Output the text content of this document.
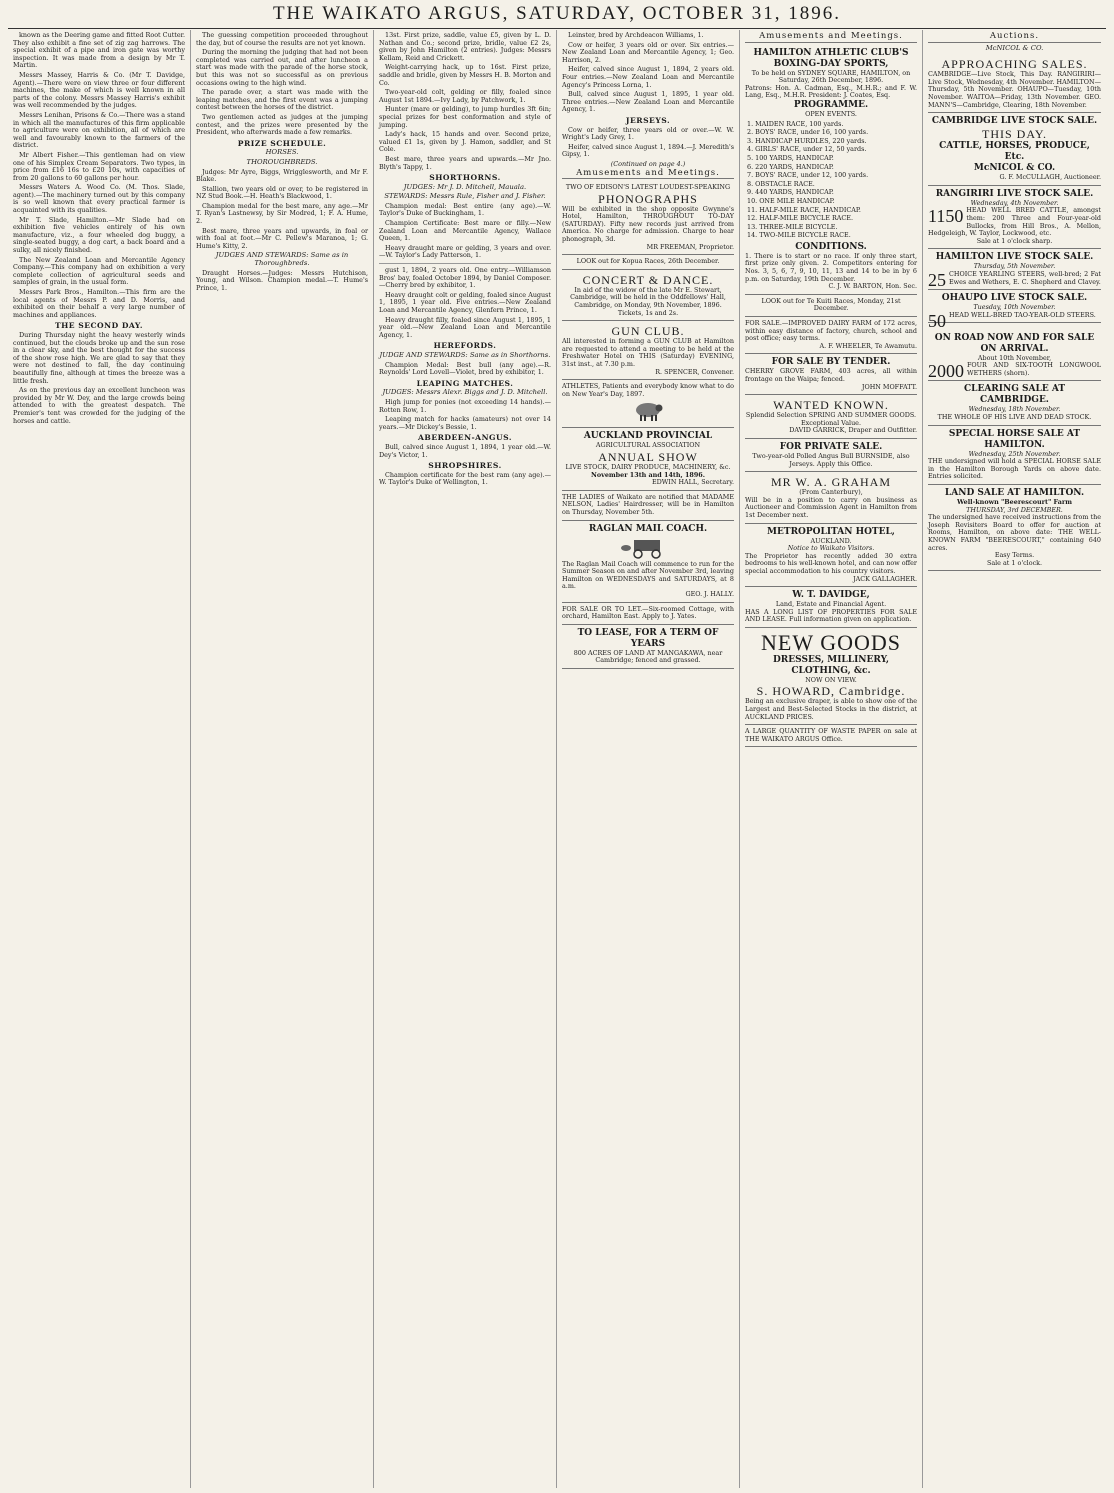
THE WAIKATO ARGUS, SATURDAY, OCTOBER 31, 1896.

known as the Deering game and fitted Root Cutter. They also exhibit a fine set of zig zag harrows. The special exhibit of a pipe and iron gate was worthy inspection. It was made from a design by Mr T. Martin.

Messrs Massey, Harris & Co. (Mr T. Davidge, Agent).—There were on view three or four different machines, the make of which is well known in all parts of the colony. Messrs Massey Harris's exhibit was well recommended by the judges.

Messrs Lenihan, Prisons & Co.—There was a stand in which all the manufactures of this firm applicable to agriculture were on exhibition, all of which are well and favourably known to the farmers of the district.

Mr Albert Fisher.—This gentleman had on view one of his Simplex Cream Separators. Two types, in price from £16 16s to £20 10s, with capacities of from 20 gallons to 60 gallons per hour.

Messrs Waters A. Wood Co. (M. Thos. Slade, agent).—The machinery turned out by this company is so well known that every practical farmer is acquainted with its qualities.

Mr T. Slade, Hamilton.—Mr Slade had on exhibition five vehicles entirely of his own manufacture, viz., a four wheeled dog buggy, a single-seated buggy, a dog cart, a back board and a sulky, all nicely finished.

The New Zealand Loan and Mercantile Agency Company.—This company had on exhibition a very complete collection of agricultural seeds and samples of grain, in the usual form.

Messrs Park Bros., Hamilton.—This firm are the local agents of Messrs P. and D. Morris, and exhibited on their behalf a very large number of machines and appliances.

THE SECOND DAY.

During Thursday night the heavy westerly winds continued, but the clouds broke up and the sun rose in a clear sky, and the best thought for the success of the show rose high. We are glad to say that they were not destined to fall, the day continuing beautifully fine, although at times the breeze was a little fresh.

As on the previous day an excellent luncheon was provided by Mr W. Dey, and the large crowds being attended to with the greatest despatch. The Premier's tent was crowded for the judging of the horses and cattle.

The guessing competition proceeded throughout the day, but of course the results are not yet known.

During the morning the judging that had not been completed was carried out, and after luncheon a start was made with the parade of the horse stock, but this was not so successful as on previous occasions owing to the high wind.

The parade over, a start was made with the leaping matches, and the first event was a jumping contest between the horses of the district.

Two gentlemen acted as judges at the jumping contest, and the prizes were presented by the President, who afterwards made a few remarks.

PRIZE SCHEDULE.
HORSES.
THOROUGHBREDS.

Judges: Mr Ayre, Biggs, Wrigglesworth, and Mr F. Blake.

Stallion, two years old or over, to be registered in NZ Stud Book.—H. Heath's Blackwood, 1.

Champion medal for the best mare, any age.—Mr T. Ryan's Lastnewsy, by Sir Modred, 1; F. A. Hume, 2.

Best mare, three years and upwards, in foal or with foal at foot.—Mr C. Pellew's Maranoa, 1; G. Hume's Kitty, 2.

JUDGES AND STEWARDS: Same as in Thoroughbreds.

Draught Horses.—Judges: Messrs Hutchison, Young, and Wilson. Champion medal.—T. Hume's Prince, 1.

13st. First prize, saddle, value £5, given by L. D. Nathan and Co.; second prize, bridle, value £2 2s, given by John Hamilton (2 entries). Judges: Messrs Kellam, Reid and Crickett.

Weight-carrying hack, up to 16st. First prize, saddle and bridle, given by Messrs H. B. Morton and Co.

Two-year-old colt, gelding or filly, foaled since August 1st 1894.—Ivy Lady, by Patchwork, 1.

Hunter (mare or gelding), to jump hurdles 3ft 6in; special prizes for best conformation and style of jumping.

Lady's hack, 15 hands and over. Second prize, valued £1 1s, given by J. Hamon, saddler, and St Cole.

Best mare, three years and upwards.—Mr Jno. Blyth's Tappy, 1.

SHORTHORNS.
JUDGES: Mr J. D. Mitchell, Mauala.
STEWARDS: Messrs Rule, Fisher and J. Fisher.

Champion medal: Best entire (any age).—W. Taylor's Duke of Buckingham, 1.

Champion Certificate: Best mare or filly.—New Zealand Loan and Mercantile Agency, Wallace Queen, 1.

Heavy draught mare or gelding, 3 years and over.—W. Taylor's Lady Patterson, 1.

gust 1, 1894, 2 years old. One entry.—Williamson Bros' bay, foaled October 1894, by Daniel Composer.—Cherry bred by exhibitor, 1.

Heavy draught colt or gelding, foaled since August 1, 1895, 1 year old. Five entries.—New Zealand Loan and Mercantile Agency, Glenfern Prince, 1.

Heavy draught filly, foaled since August 1, 1895, 1 year old.—New Zealand Loan and Mercantile Agency, 1.

HEREFORDS.
JUDGE AND STEWARDS: Same as in Shorthorns.

Champion Medal: Best bull (any age).—R. Reynolds' Lord Lovell—Violet, bred by exhibitor, 1.

LEAPING MATCHES.
JUDGES: Messrs Alexr. Biggs and J. D. Mitchell.

High jump for ponies (not exceeding 14 hands).—Rotten Row, 1.

Leaping match for hacks (amateurs) not over 14 years.—Mr Dickey's Bessie, 1.

ABERDEEN-ANGUS.

Bull, calved since August 1, 1894, 1 year old.—W. Dey's Victor, 1.

SHROPSHIRES.

Champion certificate for the best ram (any age).—W. Taylor's Duke of Wellington, 1.

Leinster, bred by Archdeacon Williams, 1.

Cow or heifer, 3 years old or over. Six entries.—New Zealand Loan and Mercantile Agency, 1; Geo. Harrison, 2.

Heifer, calved since August 1, 1894, 2 years old. Four entries.—New Zealand Loan and Mercantile Agency's Princess Lorna, 1.

Bull, calved since August 1, 1895, 1 year old. Three entries.—New Zealand Loan and Mercantile Agency, 1.

JERSEYS.

Cow or heifer, three years old or over.—W. W. Wright's Lady Grey, 1.

Heifer, calved since August 1, 1894.—J. Meredith's Gipsy, 1.

(Continued on page 4.)
Amusements and Meetings.
TWO OF EDISON'S LATEST LOUDEST-SPEAKING
PHONOGRAPHS
Will be exhibited in the shop opposite Gwynne's Hotel, Hamilton, THROUGHOUT TO-DAY (SATURDAY). Fifty new records just arrived from America. No charge for admission. Charge to hear phonograph, 3d.
MR FREEMAN, Proprietor.
LOOK out for Kopua Races, 26th December.
CONCERT & DANCE.
In aid of the widow of the late Mr E. Stewart, Cambridge, will be held in the Oddfellows' Hall, Cambridge, on Monday, 9th November, 1896. Tickets, 1s and 2s.
GUN CLUB.
All interested in forming a GUN CLUB at Hamilton are requested to attend a meeting to be held at the Freshwater Hotel on THIS (Saturday) EVENING, 31st inst., at 7.30 p.m.
R. SPENCER, Convener.
ATHLETES, Patients and everybody know what to do on New Year's Day, 1897.
AUCKLAND PROVINCIAL
AGRICULTURAL ASSOCIATION
ANNUAL SHOW
LIVE STOCK, DAIRY PRODUCE, MACHINERY, &c.
November 13th and 14th, 1896.
EDWIN HALL, Secretary.
THE LADIES of Waikato are notified that MADAME NELSON, Ladies' Hairdresser, will be in Hamilton on Thursday, November 5th.
RAGLAN MAIL COACH.
The Raglan Mail Coach will commence to run for the Summer Season on and after November 3rd, leaving Hamilton on WEDNESDAYS and SATURDAYS, at 8 a.m.
GEO. J. HALLY.
FOR SALE OR TO LET.—Six-roomed Cottage, with orchard, Hamilton East. Apply to J. Yates.
TO LEASE, FOR A TERM OF YEARS
800 ACRES OF LAND AT MANGAKAWA, near Cambridge; fenced and grassed.
Amusements and Meetings.
HAMILTON ATHLETIC CLUB'S BOXING-DAY SPORTS,
To be held on SYDNEY SQUARE, HAMILTON, on Saturday, 26th December, 1896.
Patrons: Hon. A. Cadman, Esq., M.H.R.; and F. W. Lang, Esq., M.H.R. President: J. Coates, Esq.
PROGRAMME.
OPEN EVENTS.
1. MAIDEN RACE, 100 yards.
2. BOYS' RACE, under 16, 100 yards.
3. HANDICAP HURDLES, 220 yards.
4. GIRLS' RACE, under 12, 50 yards.
5. 100 YARDS, HANDICAP.
6. 220 YARDS, HANDICAP.
7. BOYS' RACE, under 12, 100 yards.
8. OBSTACLE RACE.
9. 440 YARDS, HANDICAP.
10. ONE MILE HANDICAP.
11. HALF-MILE RACE, HANDICAP.
12. HALF-MILE BICYCLE RACE.
13. THREE-MILE BICYCLE.
14. TWO-MILE BICYCLE RACE.
CONDITIONS.
1. There is to start or no race. If only three start, first prize only given. 2. Competitors entering for Nos. 3, 5, 6, 7, 9, 10, 11, 13 and 14 to be in by 6 p.m. on Saturday, 19th December.
C. J. W. BARTON, Hon. Sec.
LOOK out for Te Kuiti Races, Monday, 21st December.
FOR SALE.—IMPROVED DAIRY FARM of 172 acres, within easy distance of factory, church, school and post office; easy terms.
A. F. WHEELER, Te Awamutu.
FOR SALE BY TENDER.
CHERRY GROVE FARM, 403 acres, all within frontage on the Waipa; fenced.
JOHN MOFFATT.
WANTED KNOWN.
Splendid Selection SPRING AND SUMMER GOODS. Exceptional Value.
DAVID GARRICK, Draper and Outfitter.
FOR PRIVATE SALE.
Two-year-old Polled Angus Bull BURNSIDE, also Jerseys. Apply this Office.
MR W. A. GRAHAM
(From Canterbury),
Will be in a position to carry on business as Auctioneer and Commission Agent in Hamilton from 1st December next.
METROPOLITAN HOTEL,
AUCKLAND.
Notice to Waikato Visitors.
The Proprietor has recently added 30 extra bedrooms to his well-known hotel, and can now offer special accommodation to his country visitors.
JACK GALLAGHER.
W. T. DAVIDGE,
Land, Estate and Financial Agent.
HAS A LONG LIST OF PROPERTIES FOR SALE AND LEASE. Full information given on application.
NEW GOODS
DRESSES, MILLINERY, CLOTHING, &c.
NOW ON VIEW.
S. HOWARD, Cambridge.
Being an exclusive draper, is able to show one of the Largest and Best-Selected Stocks in the district, at AUCKLAND PRICES.
A LARGE QUANTITY OF WASTE PAPER on sale at THE WAIKATO ARGUS Office.
Auctions.
McNICOL & CO.
APPROACHING SALES.
CAMBRIDGE—Live Stock, This Day. RANGIRIRI—Live Stock, Wednesday, 4th November. HAMILTON—Thursday, 5th November. OHAUPO—Tuesday, 10th November. WAITOA—Friday, 13th November. GEO. MANN'S—Cambridge, Clearing, 18th November.
CAMBRIDGE LIVE STOCK SALE.
THIS DAY.
CATTLE, HORSES, PRODUCE, Etc.
McNICOL & CO.
G. F. McCULLAGH, Auctioneer.
RANGIRIRI LIVE STOCK SALE.
Wednesday, 4th November.
1150 HEAD WELL BRED CATTLE, amongst them: 200 Three and Four-year-old Bullocks, from Hill Bros., A. Mellon, Hedgeleigh, W. Taylor, Lockwood, etc.
Sale at 1 o'clock sharp.
HAMILTON LIVE STOCK SALE.
Thursday, 5th November.
25 CHOICE YEARLING STEERS, well-bred; 2 Fat Ewes and Wethers, E. C. Shepherd and Clavey.
OHAUPO LIVE STOCK SALE.
Tuesday, 10th November.
50 HEAD WELL-BRED TAO-YEAR-OLD STEERS.
ON ROAD NOW AND FOR SALE ON ARRIVAL.
About 10th November,
2000 FOUR AND SIX-TOOTH LONGWOOL WETHERS (shorn).
CLEARING SALE AT CAMBRIDGE.
Wednesday, 18th November.
THE WHOLE OF HIS LIVE AND DEAD STOCK.
SPECIAL HORSE SALE AT HAMILTON.
Wednesday, 25th November.
THE undersigned will hold a SPECIAL HORSE SALE in the Hamilton Borough Yards on above date. Entries solicited.
LAND SALE AT HAMILTON.
Well-known "Beerescourt" Farm
THURSDAY, 3rd DECEMBER.
The undersigned have received instructions from the Joseph Revisiters Board to offer for auction at Rooms, Hamilton, on above date: THE WELL-KNOWN FARM "BEERESCOURT," containing 640 acres.
Easy Terms.
Sale at 1 o'clock.
